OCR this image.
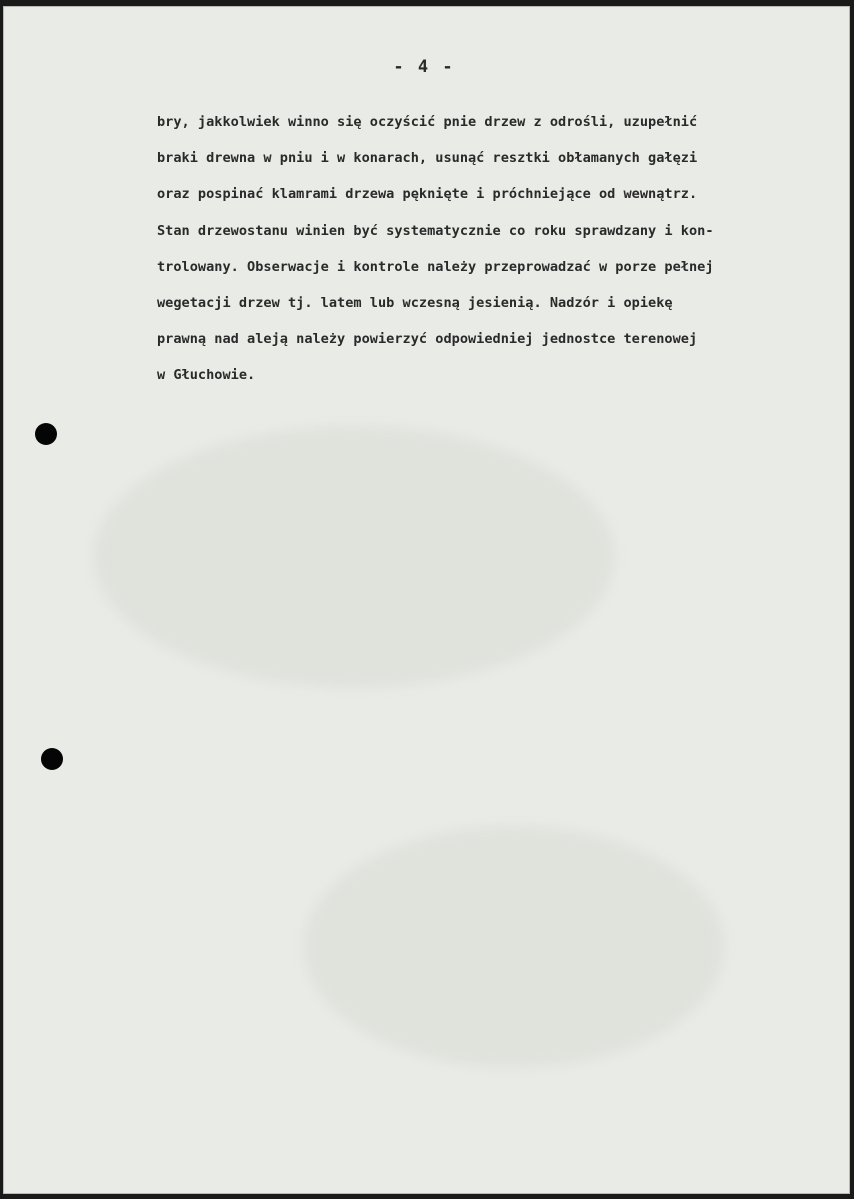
- 4 -
bry, jakkolwiek winno się oczyścić pnie drzew z odrośli, uzupełnić
braki drewna w pniu i w konarach, usunąć resztki obłamanych gałęzi
oraz pospinać klamrami drzewa pęknięte i próchniejące od wewnątrz.
Stan drzewostanu winien być systematycznie co roku sprawdzany i kon-
trolowany. Obserwacje i kontrole należy przeprowadzać w porze pełnej
wegetacji drzew tj. latem lub wczesną jesienią. Nadzór i opiekę
prawną nad aleją należy powierzyć odpowiedniej jednostce terenowej
w Głuchowie.
